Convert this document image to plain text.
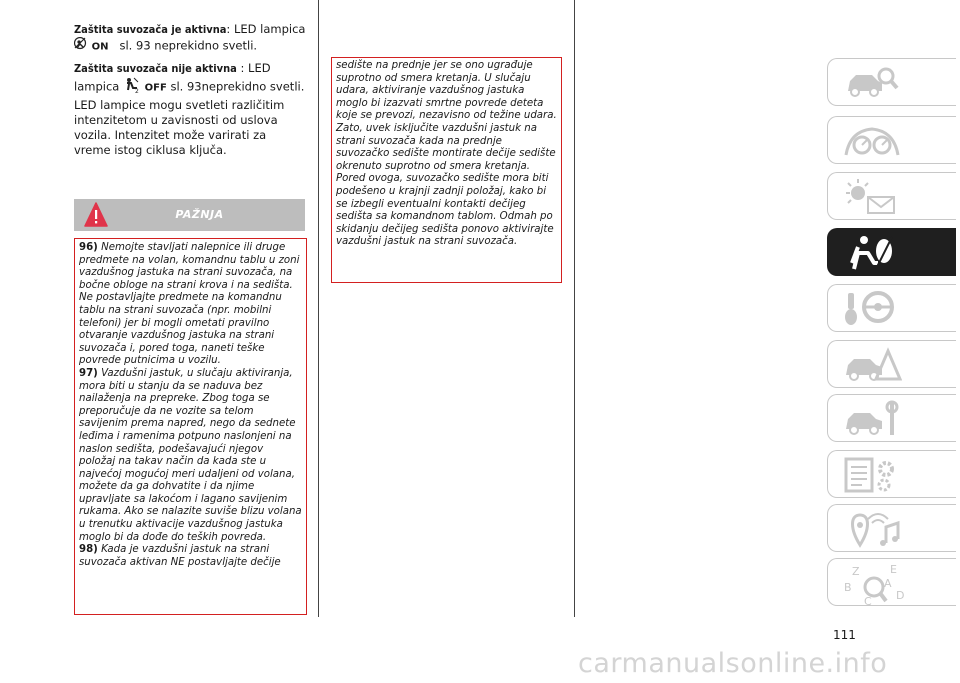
Zaštita suvozača je aktivna: LED lampica
ON sl. 93 neprekidno svetli.

Zaštita suvozača nije aktivna : LED
lampica	2 OFF sl. 93neprekidno svetli. LED lampice mogu svetleti različitim intenzitetom u zavisnosti od uslova vozila. Intenzitet može varirati za vreme istog ciklusa ključa.

PAŽNJA

96) Nemojte stavljati nalepnice ili druge predmete na volan, komandnu tablu u zoni vazdušnog jastuka na strani suvozača, na bočne obloge na strani krova i na sedišta. Ne postavljajte predmete na komandnu tablu na strani suvozača (npr. mobilni telefoni) jer bi mogli ometati pravilno otvaranje vazdušnog jastuka na strani suvozača i, pored toga, naneti teške povrede putnicima u vozilu.

97) Vazdušni jastuk, u slučaju aktiviranja, mora biti u stanju da se naduva bez nailaženja na prepreke. Zbog toga se preporučuje da ne vozite sa telom savijenim prema napred, nego da sednete leđima i ramenima potpuno naslonjeni na naslon sedišta, podešavajući njegov položaj na takav način da kada ste u najvećoj mogućoj meri udaljeni od volana, možete da ga dohvatite i da njime upravljate sa lakoćom i lagano savijenim rukama. Ako se nalazite suviše blizu volana u trenutku aktivacije vazdušnog jastuka moglo bi da dođe do teških povreda.

98) Kada je vazdušni jastuk na strani suvozača aktivan NE postavljajte dečije

sedište na prednje jer se ono ugrađuje suprotno od smera kretanja. U slučaju udara, aktiviranje vazdušnog jastuka moglo bi izazvati smrtne povrede deteta koje se prevozi, nezavisno od težine udara. Zato, uvek isključite vazdušni jastuk na strani suvozača kada na prednje suvozačko sedište montirate dečije sedište okrenuto suprotno od smera kretanja. Pored ovoga, suvozačko sedište mora biti podešeno u krajnji zadnji položaj, kako bi se izbegli eventualni kontakti dečijeg sedišta sa komandnom tablom. Odmah po skidanju dečijeg sedišta ponovo aktivirajte vazdušni jastuk na strani suvozača.

Z	E
B	A
C D
111
carmanualsonline.info
